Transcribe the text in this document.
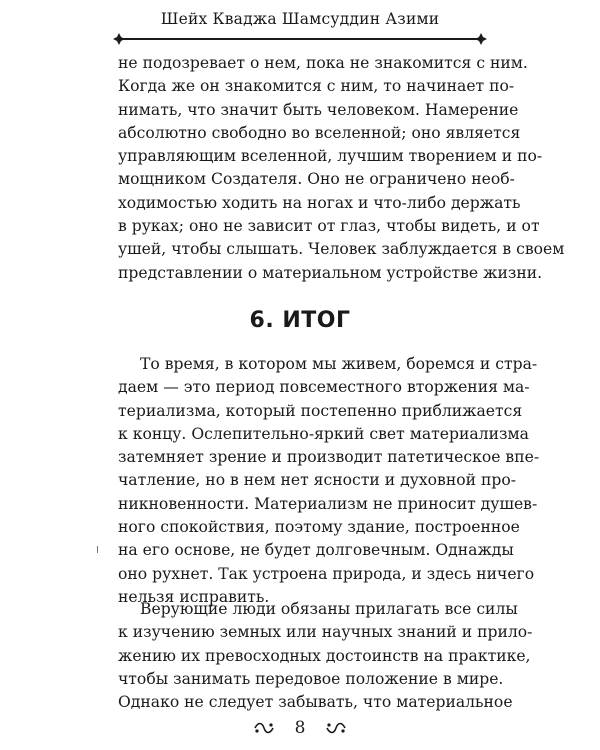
Шейх Кваджа Шамсуддин Азими

не подозревает о нем, пока не знакомится с ним.
Когда же он знакомится с ним, то начинает по-
нимать, что значит быть человеком. Намерение
абсолютно свободно во вселенной; оно является
управляющим вселенной, лучшим творением и по-
мощником Создателя. Оно не ограничено необ-
ходимостью ходить на ногах и что-либо держать
в руках; оно не зависит от глаз, чтобы видеть, и от
ушей, чтобы слышать. Человек заблуждается в своем
представлении о материальном устройстве жизни.

6. ИТОГ

То время, в котором мы живем, боремся и стра-
даем — это период повсеместного вторжения ма-
териализма, который постепенно приближается
к концу. Ослепительно-яркий свет материализма
затемняет зрение и производит патетическое впе-
чатление, но в нем нет ясности и духовной про-
никновенности. Материализм не приносит душев-
ного спокойствия, поэтому здание, построенное
на его основе, не будет долговечным. Однажды
оно рухнет. Так устроена природа, и здесь ничего
нельзя исправить.

Верующие люди обязаны прилагать все силы
к изучению земных или научных знаний и прило-
жению их превосходных достоинств на практике,
чтобы занимать передовое положение в мире.
Однако не следует забывать, что материальное

8
